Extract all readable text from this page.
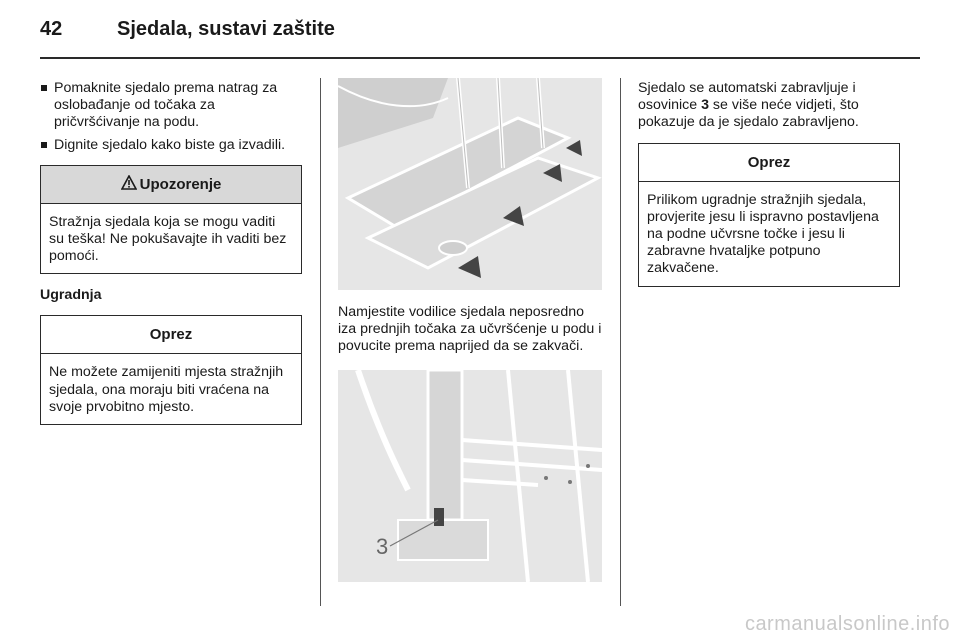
42	Sjedala, sustavi zaštite
Pomaknite sjedalo prema natrag za oslobađanje od točaka za pričvršćivanje na podu.
Dignite sjedalo kako biste ga izvadili.
Upozorenje
Stražnja sjedala koja se mogu vaditi su teška! Ne pokušavajte ih vaditi bez pomoći.
Ugradnja
Oprez
Ne možete zamijeniti mjesta stražnjih sjedala, ona moraju biti vraćena na svoje prvobitno mjesto.

Namjestite vodilice sjedala neposredno iza prednjih točaka za učvršćenje u podu i povucite prema naprijed da se zakvači.

3

Sjedalo se automatski zabravljuje i osovinice 3 se više neće vidjeti, što pokazuje da je sjedalo zabravljeno.

Oprez
Prilikom ugradnje stražnjih sjedala, provjerite jesu li ispravno postavljena na podne učvrsne točke i jesu li zabravne hvataljke potpuno zakvačene.
carmanualsonline.info
